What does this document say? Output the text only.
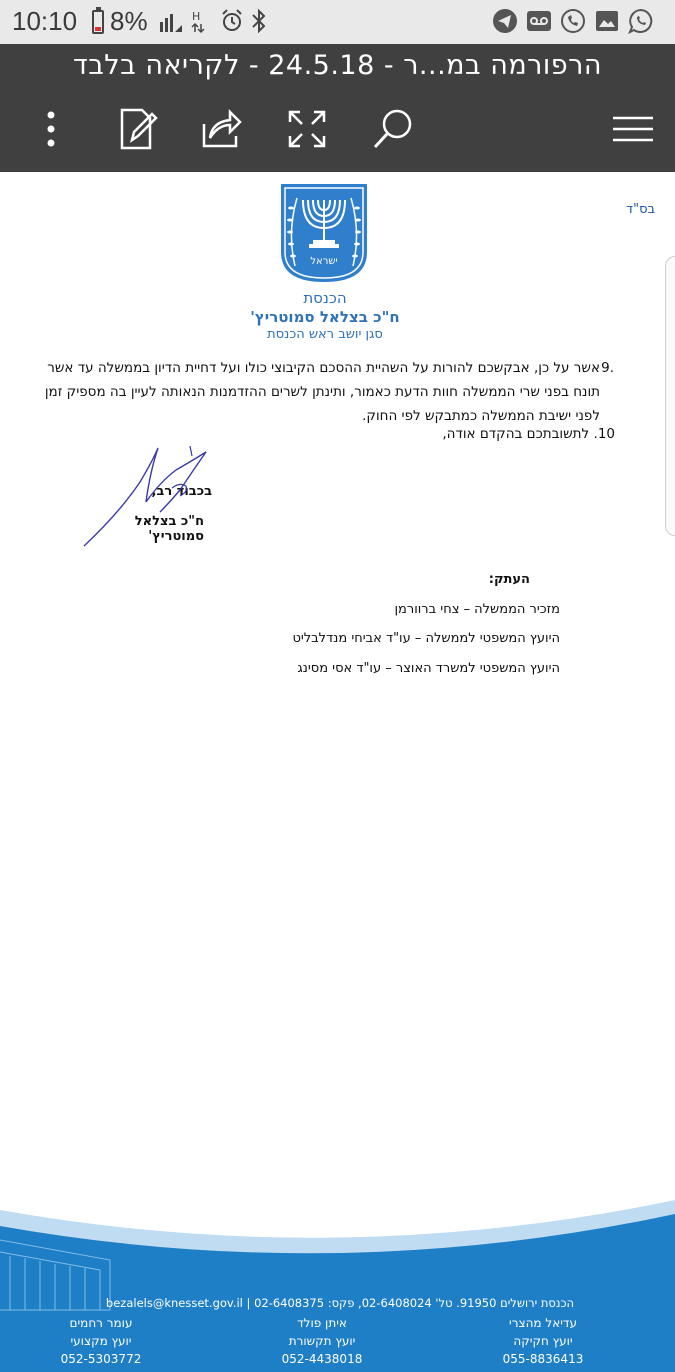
10:10 8%	H
הרפורמה במ...ר - 24.5.18 - לקריאה בלבד
בס"ד
ישראל
הכנסת
ח"כ בצלאל סמוטריץ'
סגן יושב ראש הכנסת
.9
אשר על כן, אבקשכם להורות על השהיית ההסכם הקיבוצי כולו ועל דחיית הדיון בממשלה עד אשר
תונח בפני שרי הממשלה חוות הדעת כאמור, ותינתן לשרים ההזדמנות הנאותה לעיין בה מספיק זמן
לפני ישיבת הממשלה כמתבקש לפי החוק.
10. לתשובתכם בהקדם אודה,
בכבוד רב,
ח"כ בצלאל סמוטריץ'
העתק:
מזכיר הממשלה – צחי ברוורמן
היועץ המשפטי לממשלה – עו"ד אביחי מנדלבליט
היועץ המשפטי למשרד האוצר – עו"ד אסי מסינג
bezalels@knesset.gov.il | 02-6408375 :הכנסת ירושלים 91950. טל' 02-6408024, פקס
עדיאל מהצרי
יועץ חקיקה
055-8836413
איתן פולד
יועץ תקשורת
052-4438018
עומר רחמים
יועץ מקצועי
052-5303772
